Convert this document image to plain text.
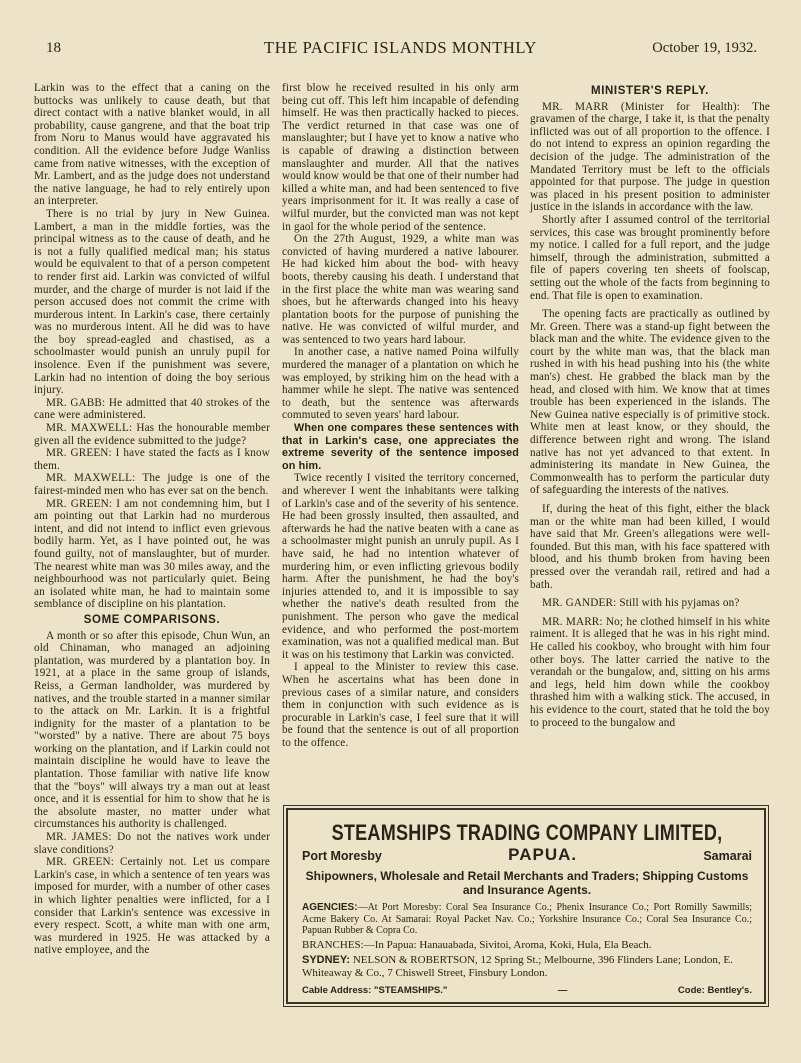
18	THE PACIFIC ISLANDS MONTHLY	October 19, 1932.

Larkin was to the effect that a caning on the buttocks was unlikely to cause death, but that direct contact with a native blanket would, in all probability, cause gangrene, and that the boat trip from Noru to Manus would have aggravated his condition. All the evidence before Judge Wanliss came from native witnesses, with the exception of Mr. Lambert, and as the judge does not understand the native language, he had to rely entirely upon an interpreter.

There is no trial by jury in New Guinea. Lambert, a man in the middle forties, was the principal witness as to the cause of death, and he is not a fully qualified medical man; his status would be equivalent to that of a person competent to render first aid. Larkin was convicted of wilful murder, and the charge of murder is not laid if the person accused does not commit the crime with murderous intent. In Larkin's case, there certainly was no murderous intent. All he did was to have the boy spread-eagled and chastised, as a schoolmaster would punish an unruly pupil for insolence. Even if the punishment was severe, Larkin had no intention of doing the boy serious injury.

MR. GABB: He admitted that 40 strokes of the cane were administered.

MR. MAXWELL: Has the honourable member given all the evidence submitted to the judge?

MR. GREEN: I have stated the facts as I know them.

MR. MAXWELL: The judge is one of the fairest-minded men who has ever sat on the bench.

MR. GREEN: I am not condemning him, but I am pointing out that Larkin had no murderous intent, and did not intend to inflict even grievous bodily harm. Yet, as I have pointed out, he was found guilty, not of manslaughter, but of murder. The nearest white man was 30 miles away, and the neighbourhood was not particularly quiet. Being an isolated white man, he had to maintain some semblance of discipline on his plantation.

SOME COMPARISONS.

A month or so after this episode, Chun Wun, an old Chinaman, who managed an adjoining plantation, was murdered by a plantation boy. In 1921, at a place in the same group of islands, Reiss, a German landholder, was murdered by natives, and the trouble started in a manner similar to the attack on Mr. Larkin. It is a frightful indignity for the master of a plantation to be "worsted" by a native. There are about 75 boys working on the plantation, and if Larkin could not maintain discipline he would have to leave the plantation. Those familiar with native life know that the "boys" will always try a man out at least once, and it is essential for him to show that he is the absolute master, no matter under what circumstances his authority is challenged.

MR. JAMES: Do not the natives work under slave conditions?

MR. GREEN: Certainly not. Let us compare Larkin's case, in which a sentence of ten years was imposed for murder, with a number of other cases in which lighter penalties were inflicted, for a I consider that Larkin's sentence was excessive in every respect. Scott, a white man with one arm, was murdered in 1925. He was attacked by a native employee, and the

first blow he received resulted in his only arm being cut off. This left him incapable of defending himself. He was then practically hacked to pieces. The verdict returned in that case was one of manslaughter; but I have yet to know a native who is capable of drawing a distinction between manslaughter and murder. All that the natives would know would be that one of their number had killed a white man, and had been sentenced to five years imprisonment for it. It was really a case of wilful murder, but the convicted man was not kept in gaol for the whole period of the sentence.

On the 27th August, 1929, a white man was convicted of having murdered a native labourer. He had kicked him about the bod- with heavy boots, thereby causing his death. I understand that in the first place the white man was wearing sand shoes, but he afterwards changed into his heavy plantation boots for the purpose of punishing the native. He was convicted of wilful murder, and was sentenced to two years hard labour.

In another case, a native named Poina wilfully murdered the manager of a plantation on which he was employed, by striking him on the head with a hammer while he slept. The native was sentenced to death, but the sentence was afterwards commuted to seven years' hard labour.

When one compares these sentences with that in Larkin's case, one appreciates the extreme severity of the sentence imposed on him.

Twice recently I visited the territory concerned, and wherever I went the inhabitants were talking of Larkin's case and of the severity of his sentence. He had been grossly insulted, then assaulted, and afterwards he had the native beaten with a cane as a schoolmaster might punish an unruly pupil. As I have said, he had no intention whatever of murdering him, or even inflicting grievous bodily harm. After the punishment, he had the boy's injuries attended to, and it is impossible to say whether the native's death resulted from the punishment. The person who gave the medical evidence, and who performed the post-mortem examination, was not a qualified medical man. But it was on his testimony that Larkin was convicted.

I appeal to the Minister to review this case. When he ascertains what has been done in previous cases of a similar nature, and considers them in conjunction with such evidence as is procurable in Larkin's case, I feel sure that it will be found that the sentence is out of all proportion to the offence.

MINISTER'S REPLY.

MR. MARR (Minister for Health): The gravamen of the charge, I take it, is that the penalty inflicted was out of all proportion to the offence. I do not intend to express an opinion regarding the decision of the judge. The administration of the Mandated Territory must be left to the officials appointed for that purpose. The judge in question was placed in his present position to administer justice in the islands in accordance with the law.

Shortly after I assumed control of the territorial services, this case was brought prominently before my notice. I called for a full report, and the judge himself, through the administration, submitted a file of papers covering ten sheets of foolscap, setting out the whole of the facts from beginning to end. That file is open to examination.

The opening facts are practically as outlined by Mr. Green. There was a stand-up fight between the black man and the white. The evidence given to the court by the white man was, that the black man rushed in with his head pushing into his (the white man's) chest. He grabbed the black man by the head, and closed with him. We know that at times trouble has been experienced in the islands. The New Guinea native especially is of primitive stock. White men at least know, or they should, the difference between right and wrong. The island native has not yet advanced to that extent. In administering its mandate in New Guinea, the Commonwealth has to perform the particular duty of safeguarding the interests of the natives.

If, during the heat of this fight, either the black man or the white man had been killed, I would have said that Mr. Green's allegations were well-founded. But this man, with his face spattered with blood, and his thumb broken from having been pressed over the verandah rail, retired and had a bath.

MR. GANDER: Still with his pyjamas on?

MR. MARR: No; he clothed himself in his white raiment. It is alleged that he was in his right mind. He called his cookboy, who brought with him four other boys. The latter carried the native to the verandah or the bungalow, and, sitting on his arms and legs, held him down while the cookboy thrashed him with a walking stick. The accused, in his evidence to the court, stated that he told the boy to proceed to the bungalow and

STEAMSHIPS TRADING COMPANY LIMITED,
Port Moresby	PAPUA.	Samarai
Shipowners, Wholesale and Retail Merchants and Traders; Shipping Customs and Insurance Agents.
AGENCIES:—At Port Moresby: Coral Sea Insurance Co.; Phenix Insurance Co.; Port Romilly Sawmills; Acme Bakery Co. At Samarai: Royal Packet Nav. Co.; Yorkshire Insurance Co.; Coral Sea Insurance Co.; Papuan Rubber & Copra Co.
BRANCHES:—In Papua: Hanauabada, Sivitoi, Aroma, Koki, Hula, Ela Beach.
SYDNEY: NELSON & ROBERTSON, 12 Spring St.; Melbourne, 396 Flinders Lane; London, E. Whiteaway & Co., 7 Chiswell Street, Finsbury London.
Cable Address: "STEAMSHIPS."	—	Code: Bentley's.
